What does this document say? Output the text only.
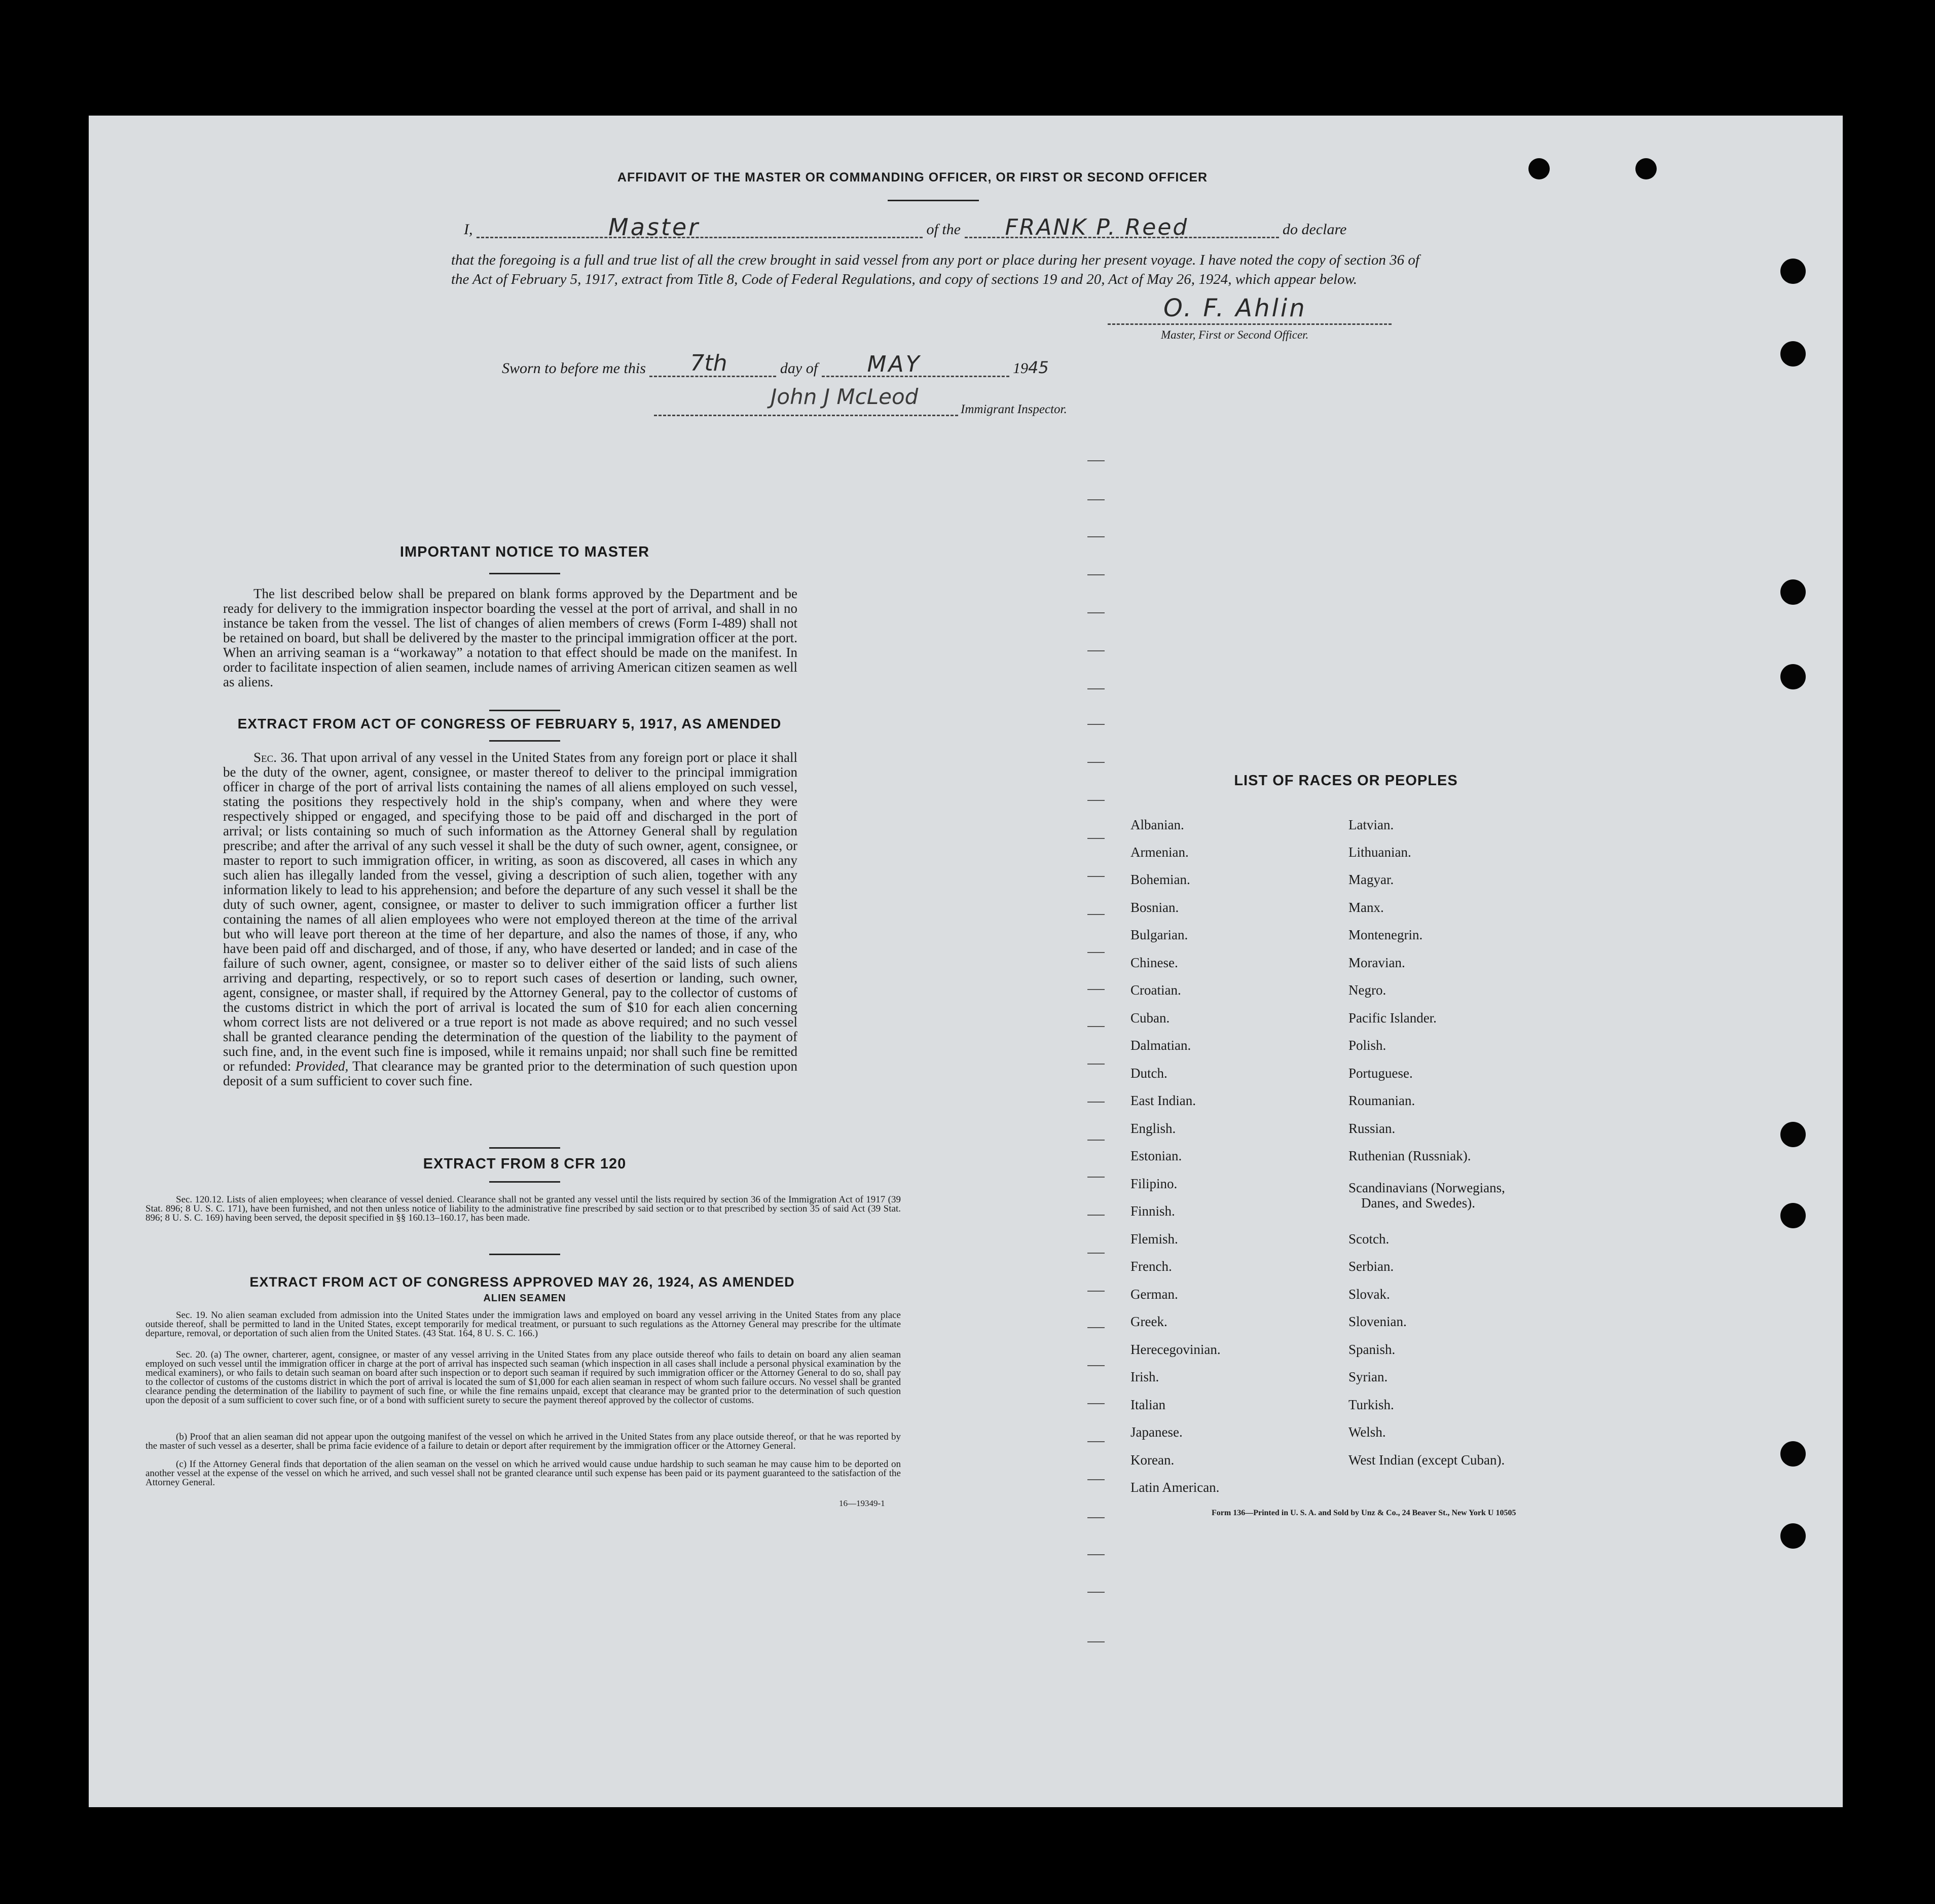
AFFIDAVIT OF THE MASTER OR COMMANDING OFFICER, OR FIRST OR SECOND OFFICER
I,	Master	of the FRANK P. Reed	do declare
that the foregoing is a full and true list of all the crew brought in said vessel from any port or place during her present voyage. I have noted the copy of section 36 of the Act of February 5, 1917, extract from Title 8, Code of Federal Regulations, and copy of sections 19 and 20, Act of May 26, 1924, which appear below.
O. F. Ahlin
Master, First or Second Officer.
Sworn to before me this 7th	day of MAY	1945
John J McLeod
Immigrant Inspector.
IMPORTANT NOTICE TO MASTER
The list described below shall be prepared on blank forms approved by the Department and be ready for delivery to the immigration inspector boarding the vessel at the port of arrival, and shall in no instance be taken from the vessel. The list of changes of alien members of crews (Form I-489) shall not be retained on board, but shall be delivered by the master to the principal immigration officer at the port. When an arriving seaman is a “workaway” a notation to that effect should be made on the manifest. In order to facilitate inspection of alien seamen, include names of arriving American citizen seamen as well as aliens.
EXTRACT FROM ACT OF CONGRESS OF FEBRUARY 5, 1917, AS AMENDED
Sec. 36. That upon arrival of any vessel in the United States from any foreign port or place it shall be the duty of the owner, agent, consignee, or master thereof to deliver to the principal immigration officer in charge of the port of arrival lists containing the names of all aliens employed on such vessel, stating the positions they respectively hold in the ship's company, when and where they were respectively shipped or engaged, and specifying those to be paid off and discharged in the port of arrival; or lists containing so much of such information as the Attorney General shall by regulation prescribe; and after the arrival of any such vessel it shall be the duty of such owner, agent, consignee, or master to report to such immigration officer, in writing, as soon as discovered, all cases in which any such alien has illegally landed from the vessel, giving a description of such alien, together with any information likely to lead to his apprehension; and before the departure of any such vessel it shall be the duty of such owner, agent, consignee, or master to deliver to such immigration officer a further list containing the names of all alien employees who were not employed thereon at the time of the arrival but who will leave port thereon at the time of her departure, and also the names of those, if any, who have been paid off and discharged, and of those, if any, who have deserted or landed; and in case of the failure of such owner, agent, consignee, or master so to deliver either of the said lists of such aliens arriving and departing, respectively, or so to report such cases of desertion or landing, such owner, agent, consignee, or master shall, if required by the Attorney General, pay to the collector of customs of the customs district in which the port of arrival is located the sum of $10 for each alien concerning whom correct lists are not delivered or a true report is not made as above required; and no such vessel shall be granted clearance pending the determination of the question of the liability to the payment of such fine, and, in the event such fine is imposed, while it remains unpaid; nor shall such fine be remitted or refunded: Provided, That clearance may be granted prior to the determination of such question upon deposit of a sum sufficient to cover such fine.
EXTRACT FROM 8 CFR 120
Sec. 120.12. Lists of alien employees; when clearance of vessel denied. Clearance shall not be granted any vessel until the lists required by section 36 of the Immigration Act of 1917 (39 Stat. 896; 8 U. S. C. 171), have been furnished, and not then unless notice of liability to the administrative fine prescribed by said section or to that prescribed by section 35 of said Act (39 Stat. 896; 8 U. S. C. 169) having been served, the deposit specified in §§ 160.13–160.17, has been made.
EXTRACT FROM ACT OF CONGRESS APPROVED MAY 26, 1924, AS AMENDED
ALIEN SEAMEN
Sec. 19. No alien seaman excluded from admission into the United States under the immigration laws and employed on board any vessel arriving in the United States from any place outside thereof, shall be permitted to land in the United States, except temporarily for medical treatment, or pursuant to such regulations as the Attorney General may prescribe for the ultimate departure, removal, or deportation of such alien from the United States. (43 Stat. 164, 8 U. S. C. 166.)
Sec. 20. (a) The owner, charterer, agent, consignee, or master of any vessel arriving in the United States from any place outside thereof who fails to detain on board any alien seaman employed on such vessel until the immigration officer in charge at the port of arrival has inspected such seaman (which inspection in all cases shall include a personal physical examination by the medical examiners), or who fails to detain such seaman on board after such inspection or to deport such seaman if required by such immigration officer or the Attorney General to do so, shall pay to the collector of customs of the customs district in which the port of arrival is located the sum of $1,000 for each alien seaman in respect of whom such failure occurs. No vessel shall be granted clearance pending the determination of the liability to payment of such fine, or while the fine remains unpaid, except that clearance may be granted prior to the determination of such question upon the deposit of a sum sufficient to cover such fine, or of a bond with sufficient surety to secure the payment thereof approved by the collector of customs.
(b) Proof that an alien seaman did not appear upon the outgoing manifest of the vessel on which he arrived in the United States from any place outside thereof, or that he was reported by the master of such vessel as a deserter, shall be prima facie evidence of a failure to detain or deport after requirement by the immigration officer or the Attorney General.
(c) If the Attorney General finds that deportation of the alien seaman on the vessel on which he arrived would cause undue hardship to such seaman he may cause him to be deported on another vessel at the expense of the vessel on which he arrived, and such vessel shall not be granted clearance until such expense has been paid or its payment guaranteed to the satisfaction of the Attorney General.
16—19349-1
LIST OF RACES OR PEOPLES
Albanian.
Armenian.
Bohemian.
Bosnian.
Bulgarian.
Chinese.
Croatian.
Cuban.
Dalmatian.
Dutch.
East Indian.
English.
Estonian.
Filipino.
Finnish.
Flemish.
French.
German.
Greek.
Herecegovinian.
Irish.
Italian
Japanese.
Korean.
Latin American.
Latvian.
Lithuanian.
Magyar.
Manx.
Montenegrin.
Moravian.
Negro.
Pacific Islander.
Polish.
Portuguese.
Roumanian.
Russian.
Ruthenian (Russniak).
Scandinavians (Norwegians,
Danes, and Swedes).
Scotch.
Serbian.
Slovak.
Slovenian.
Spanish.
Syrian.
Turkish.
Welsh.
West Indian (except Cuban).
Form 136—Printed in U. S. A. and Sold by Unz & Co., 24 Beaver St., New York U 10505
